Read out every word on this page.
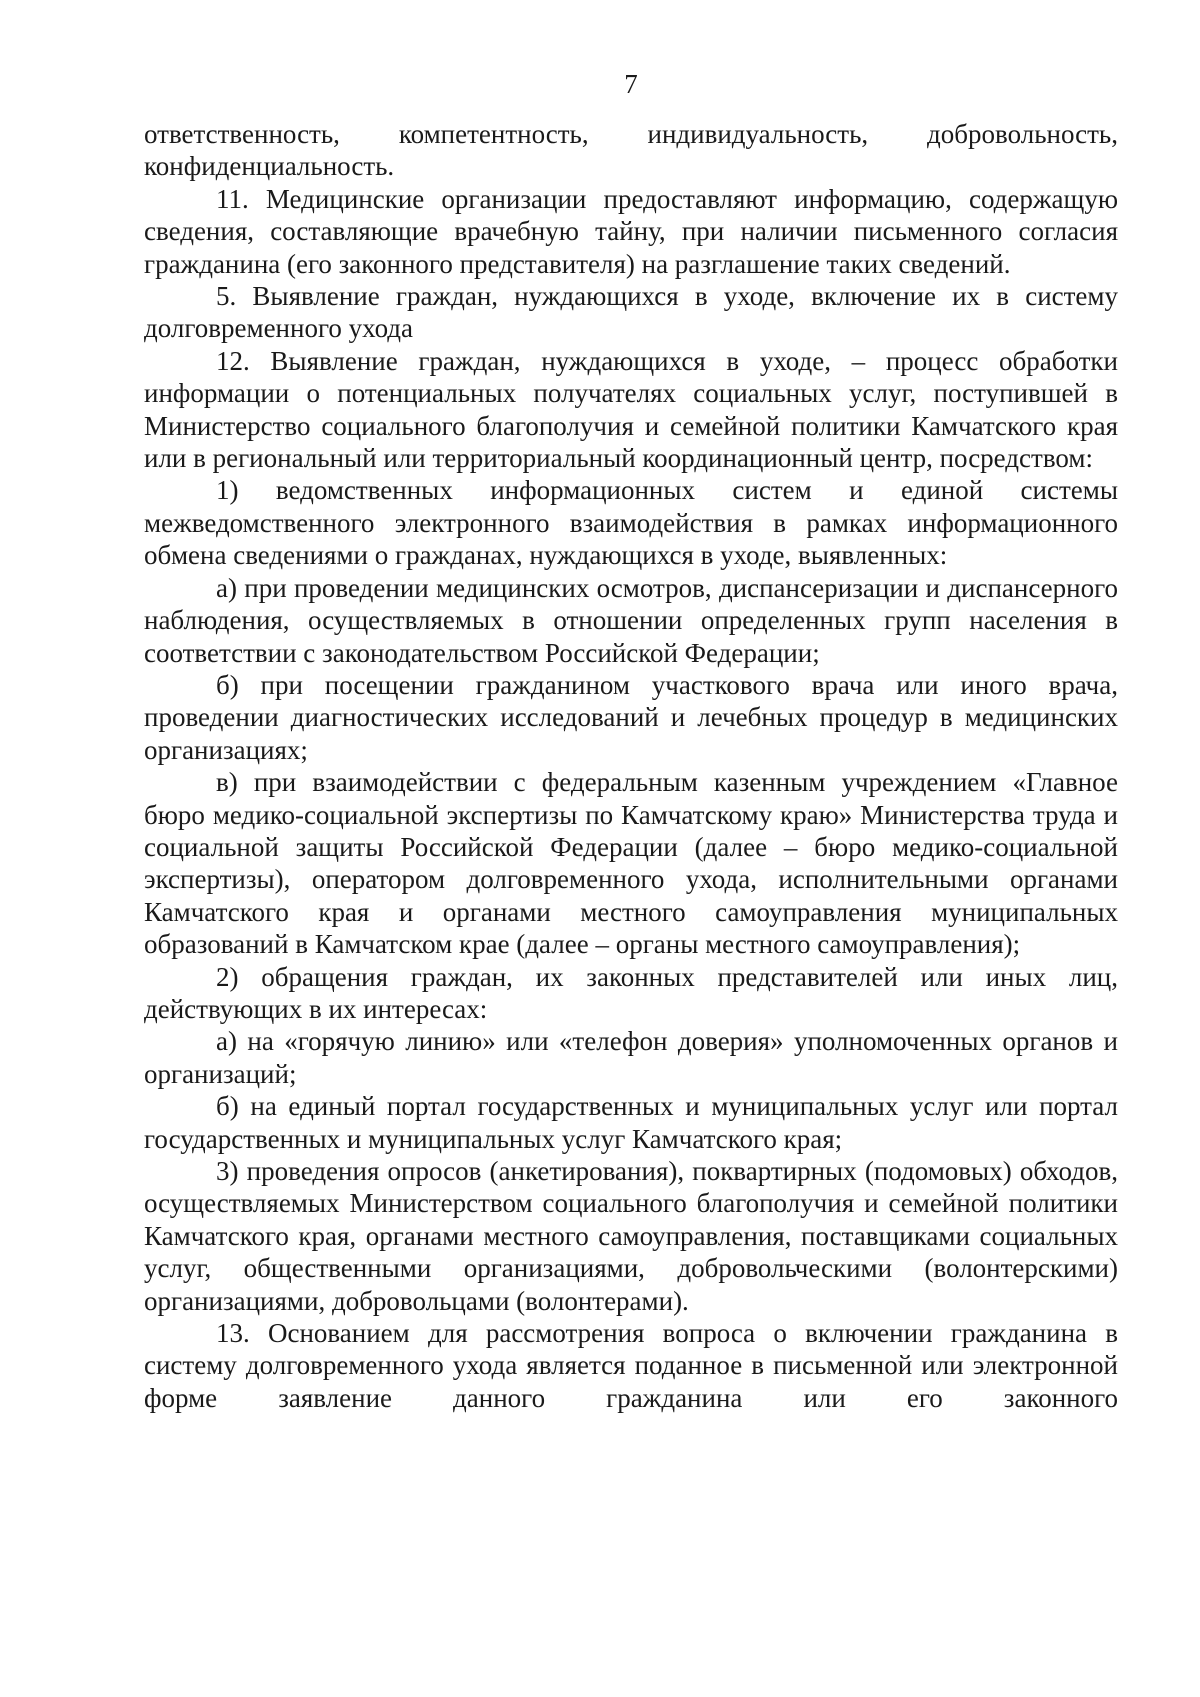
7

ответственность, компетентность, индивидуальность, добровольность, конфиденциальность.

11. Медицинские организации предоставляют информацию, содержащую сведения, составляющие врачебную тайну, при наличии письменного согласия гражданина (его законного представителя) на разглашение таких сведений.

5. Выявление граждан, нуждающихся в уходе, включение их в систему долговременного ухода

12. Выявление граждан, нуждающихся в уходе, – процесс обработки информации о потенциальных получателях социальных услуг, поступившей в Министерство социального благополучия и семейной политики Камчатского края или в региональный или территориальный координационный центр, посредством:

1) ведомственных информационных систем и единой системы межведомственного электронного взаимодействия в рамках информационного обмена сведениями о гражданах, нуждающихся в уходе, выявленных:

а) при проведении медицинских осмотров, диспансеризации и диспансерного наблюдения, осуществляемых в отношении определенных групп населения в соответствии с законодательством Российской Федерации;

б) при посещении гражданином участкового врача или иного врача, проведении диагностических исследований и лечебных процедур в медицинских организациях;

в) при взаимодействии с федеральным казенным учреждением «Главное бюро медико-социальной экспертизы по Камчатскому краю» Министерства труда и социальной защиты Российской Федерации (далее – бюро медико-социальной экспертизы), оператором долговременного ухода, исполнительными органами Камчатского края и органами местного самоуправления муниципальных образований в Камчатском крае (далее – органы местного самоуправления);

2) обращения граждан, их законных представителей или иных лиц, действующих в их интересах:

а) на «горячую линию» или «телефон доверия» уполномоченных органов и организаций;

б) на единый портал государственных и муниципальных услуг или портал государственных и муниципальных услуг Камчатского края;

3) проведения опросов (анкетирования), поквартирных (подомовых) обходов, осуществляемых Министерством социального благополучия и семейной политики Камчатского края, органами местного самоуправления, поставщиками социальных услуг, общественными организациями, добровольческими (волонтерскими) организациями, добровольцами (волонтерами).

13. Основанием для рассмотрения вопроса о включении гражданина в систему долговременного ухода является поданное в письменной или электронной форме заявление данного гражданина или его законного
